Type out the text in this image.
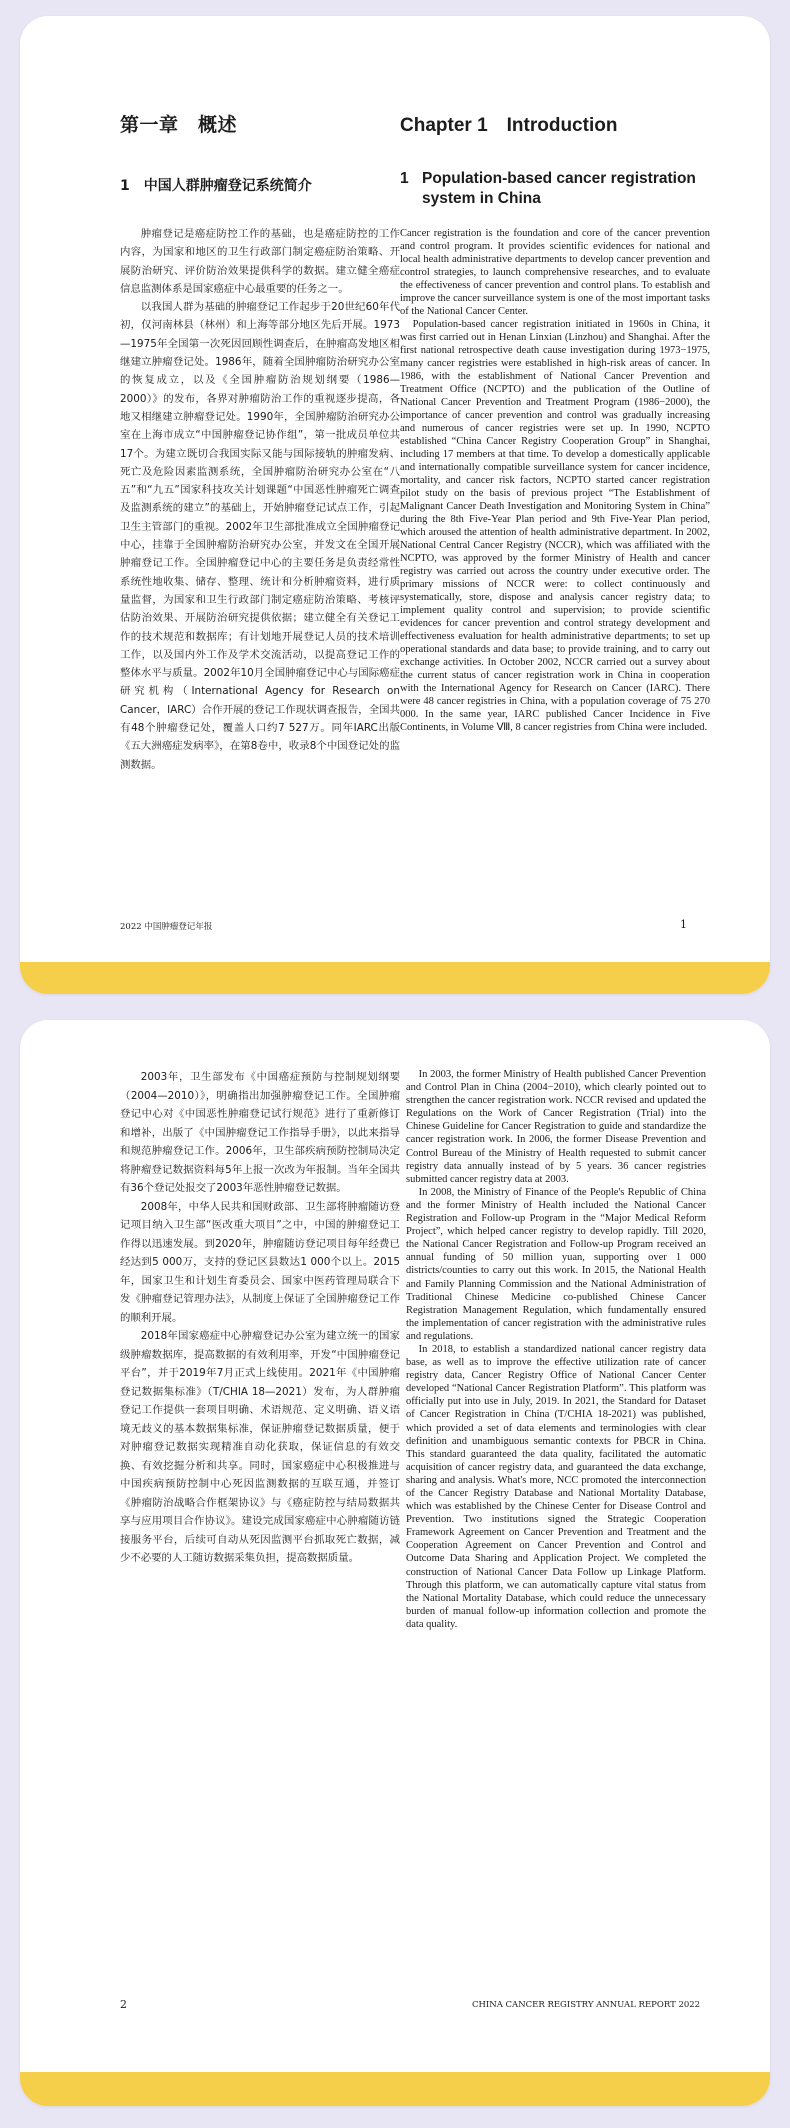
第一章　概述
1　中国人群肿瘤登记系统简介

肿瘤登记是癌症防控工作的基础，也是癌症防控的工作内容，为国家和地区的卫生行政部门制定癌症防治策略、开展防治研究、评价防治效果提供科学的数据。建立健全癌症信息监测体系是国家癌症中心最重要的任务之一。

以我国人群为基础的肿瘤登记工作起步于20世纪60年代初，仅河南林县（林州）和上海等部分地区先后开展。1973—1975年全国第一次死因回顾性调查后，在肿瘤高发地区相继建立肿瘤登记处。1986年，随着全国肿瘤防治研究办公室的恢复成立，以及《全国肿瘤防治规划纲要（1986—2000）》的发布，各界对肿瘤防治工作的重视逐步提高，各地又相继建立肿瘤登记处。1990年，全国肿瘤防治研究办公室在上海市成立“中国肿瘤登记协作组”，第一批成员单位共17个。为建立既切合我国实际又能与国际接轨的肿瘤发病、死亡及危险因素监测系统，全国肿瘤防治研究办公室在“八五”和“九五”国家科技攻关计划课题“中国恶性肿瘤死亡调查及监测系统的建立”的基础上，开始肿瘤登记试点工作，引起卫生主管部门的重视。2002年卫生部批准成立全国肿瘤登记中心，挂靠于全国肿瘤防治研究办公室，并发文在全国开展肿瘤登记工作。全国肿瘤登记中心的主要任务是负责经常性系统性地收集、储存、整理、统计和分析肿瘤资料，进行质量监督，为国家和卫生行政部门制定癌症防治策略、考核评估防治效果、开展防治研究提供依据；建立健全有关登记工作的技术规范和数据库；有计划地开展登记人员的技术培训工作，以及国内外工作及学术交流活动，以提高登记工作的整体水平与质量。2002年10月全国肿瘤登记中心与国际癌症研究机构（International Agency for Research on Cancer，IARC）合作开展的登记工作现状调查报告，全国共有48个肿瘤登记处，覆盖人口约7 527万。同年IARC出版《五大洲癌症发病率》，在第8卷中，收录8个中国登记处的监测数据。

Chapter 1　Introduction
1 Population-based cancer registration system in China

Cancer registration is the foundation and core of the cancer prevention and control program. It provides scientific evidences for national and local health administrative departments to develop cancer prevention and control strategies, to launch comprehensive researches, and to evaluate the effectiveness of cancer prevention and control plans. To establish and improve the cancer surveillance system is one of the most important tasks of the National Cancer Center.

Population-based cancer registration initiated in 1960s in China, it was first carried out in Henan Linxian (Linzhou) and Shanghai. After the first national retrospective death cause investigation during 1973−1975, many cancer registries were established in high-risk areas of cancer. In 1986, with the establishment of National Cancer Prevention and Treatment Office (NCPTO) and the publication of the Outline of National Cancer Prevention and Treatment Program (1986−2000), the importance of cancer prevention and control was gradually increasing and numerous of cancer registries were set up. In 1990, NCPTO established “China Cancer Registry Cooperation Group” in Shanghai, including 17 members at that time. To develop a domestically applicable and internationally compatible surveillance system for cancer incidence, mortality, and cancer risk factors, NCPTO started cancer registration pilot study on the basis of previous project “The Establishment of Malignant Cancer Death Investigation and Monitoring System in China” during the 8th Five-Year Plan period and 9th Five-Year Plan period, which aroused the attention of health administrative department. In 2002, National Central Cancer Registry (NCCR), which was affiliated with the NCPTO, was approved by the former Ministry of Health and cancer registry was carried out across the country under executive order. The primary missions of NCCR were: to collect continuously and systematically, store, dispose and analysis cancer registry data; to implement quality control and supervision; to provide scientific evidences for cancer prevention and control strategy development and effectiveness evaluation for health administrative departments; to set up operational standards and data base; to provide training, and to carry out exchange activities. In October 2002, NCCR carried out a survey about the current status of cancer registration work in China in cooperation with the International Agency for Research on Cancer (IARC). There were 48 cancer registries in China, with a population coverage of 75 270 000. In the same year, IARC published Cancer Incidence in Five Continents, in Volume Ⅷ, 8 cancer registries from China were included.

2022 中国肿瘤登记年报	1

2003年，卫生部发布《中国癌症预防与控制规划纲要（2004—2010）》，明确指出加强肿瘤登记工作。全国肿瘤登记中心对《中国恶性肿瘤登记试行规范》进行了重新修订和增补，出版了《中国肿瘤登记工作指导手册》，以此来指导和规范肿瘤登记工作。2006年，卫生部疾病预防控制局决定将肿瘤登记数据资料每5年上报一次改为年报制。当年全国共有36个登记处报交了2003年恶性肿瘤登记数据。

2008年，中华人民共和国财政部、卫生部将肿瘤随访登记项目纳入卫生部“医改重大项目”之中，中国的肿瘤登记工作得以迅速发展。到2020年，肿瘤随访登记项目每年经费已经达到5 000万，支持的登记区县数达1 000个以上。2015年，国家卫生和计划生育委员会、国家中医药管理局联合下发《肿瘤登记管理办法》，从制度上保证了全国肿瘤登记工作的顺利开展。

2018年国家癌症中心肿瘤登记办公室为建立统一的国家级肿瘤数据库，提高数据的有效利用率，开发“中国肿瘤登记平台”，并于2019年7月正式上线使用。2021年《中国肿瘤登记数据集标准》（T/CHIA 18—2021）发布，为人群肿瘤登记工作提供一套项目明确、术语规范、定义明确、语义语境无歧义的基本数据集标准，保证肿瘤登记数据质量，便于对肿瘤登记数据实现精准自动化获取，保证信息的有效交换、有效挖掘分析和共享。同时，国家癌症中心积极推进与中国疾病预防控制中心死因监测数据的互联互通，并签订《肿瘤防治战略合作框架协议》与《癌症防控与结局数据共享与应用项目合作协议》。建设完成国家癌症中心肿瘤随访链接服务平台，后续可自动从死因监测平台抓取死亡数据，减少不必要的人工随访数据采集负担，提高数据质量。

In 2003, the former Ministry of Health published Cancer Prevention and Control Plan in China (2004−2010), which clearly pointed out to strengthen the cancer registration work. NCCR revised and updated the Regulations on the Work of Cancer Registration (Trial) into the Chinese Guideline for Cancer Registration to guide and standardize the cancer registration work. In 2006, the former Disease Prevention and Control Bureau of the Ministry of Health requested to submit cancer registry data annually instead of by 5 years. 36 cancer registries submitted cancer registry data at 2003.

In 2008, the Ministry of Finance of the People's Republic of China and the former Ministry of Health included the National Cancer Registration and Follow-up Program in the “Major Medical Reform Project”, which helped cancer registry to develop rapidly. Till 2020, the National Cancer Registration and Follow-up Program received an annual funding of 50 million yuan, supporting over 1 000 districts/counties to carry out this work. In 2015, the National Health and Family Planning Commission and the National Administration of Traditional Chinese Medicine co-published Chinese Cancer Registration Management Regulation, which fundamentally ensured the implementation of cancer registration with the administrative rules and regulations.

In 2018, to establish a standardized national cancer registry data base, as well as to improve the effective utilization rate of cancer registry data, Cancer Registry Office of National Cancer Center developed “National Cancer Registration Platform”. This platform was officially put into use in July, 2019. In 2021, the Standard for Dataset of Cancer Registration in China (T/CHIA 18-2021) was published, which provided a set of data elements and terminologies with clear definition and unambiguous semantic contexts for PBCR in China. This standard guaranteed the data quality, facilitated the automatic acquisition of cancer registry data, and guaranteed the data exchange, sharing and analysis. What's more, NCC promoted the interconnection of the Cancer Registry Database and National Mortality Database, which was established by the Chinese Center for Disease Control and Prevention. Two institutions signed the Strategic Cooperation Framework Agreement on Cancer Prevention and Treatment and the Cooperation Agreement on Cancer Prevention and Control and Outcome Data Sharing and Application Project. We completed the construction of National Cancer Data Follow up Linkage Platform. Through this platform, we can automatically capture vital status from the National Mortality Database, which could reduce the unnecessary burden of manual follow-up information collection and promote the data quality.

2	CHINA CANCER REGISTRY ANNUAL REPORT 2022
